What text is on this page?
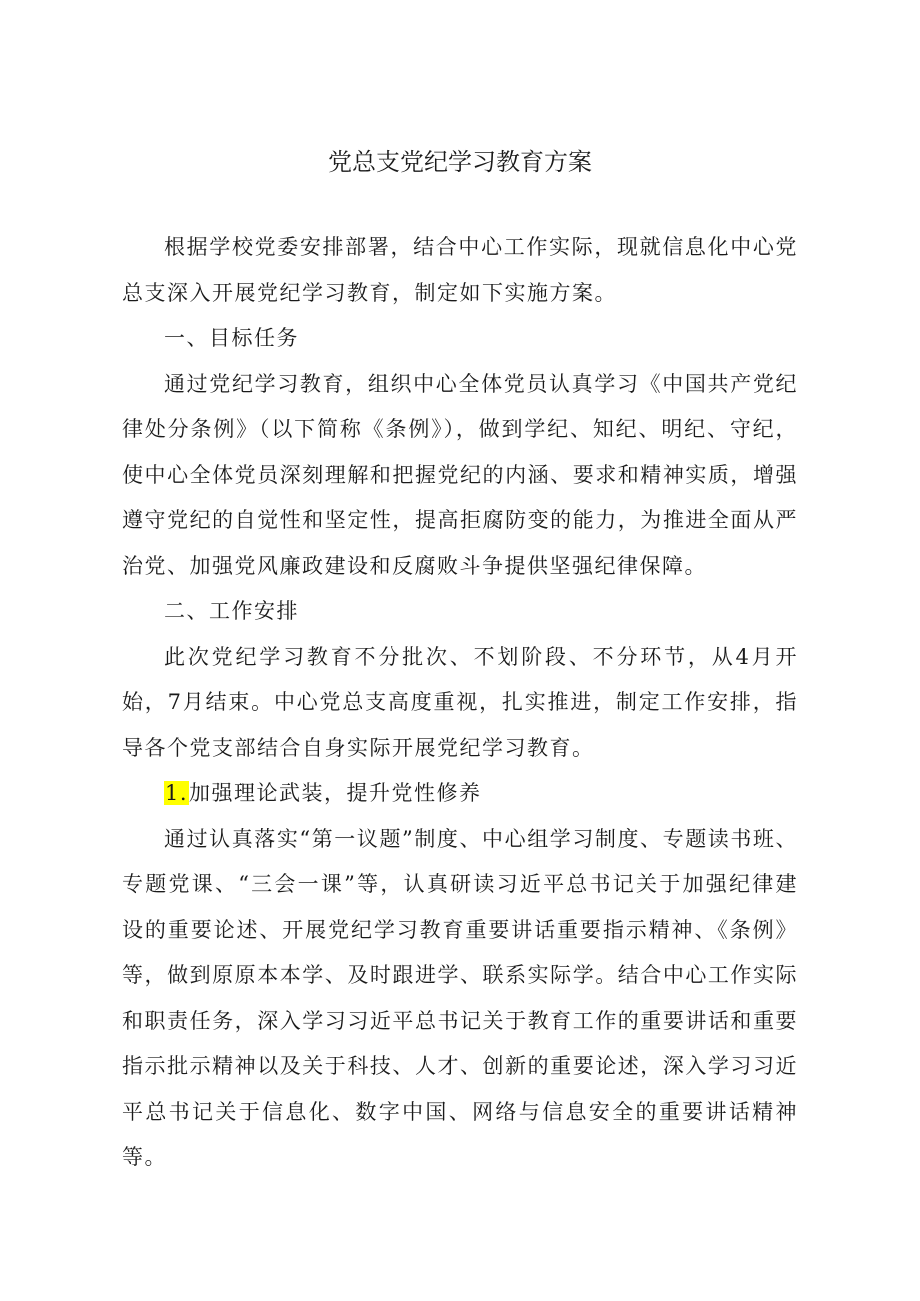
党总支党纪学习教育方案

根据学校党委安排部署，结合中心工作实际，现就信息化中心党总支深入开展党纪学习教育，制定如下实施方案。

一、目标任务

通过党纪学习教育，组织中心全体党员认真学习《中国共产党纪律处分条例》（以下简称《条例》），做到学纪、知纪、明纪、守纪，使中心全体党员深刻理解和把握党纪的内涵、要求和精神实质，增强遵守党纪的自觉性和坚定性，提高拒腐防变的能力，为推进全面从严治党、加强党风廉政建设和反腐败斗争提供坚强纪律保障。

二、工作安排

此次党纪学习教育不分批次、不划阶段、不分环节，从4月开始，7月结束。中心党总支高度重视，扎实推进，制定工作安排，指导各个党支部结合自身实际开展党纪学习教育。

1.加强理论武装，提升党性修养

通过认真落实“第一议题”制度、中心组学习制度、专题读书班、专题党课、“三会一课”等，认真研读习近平总书记关于加强纪律建设的重要论述、开展党纪学习教育重要讲话重要指示精神、《条例》等，做到原原本本学、及时跟进学、联系实际学。结合中心工作实际和职责任务，深入学习习近平总书记关于教育工作的重要讲话和重要指示批示精神以及关于科技、人才、创新的重要论述，深入学习习近平总书记关于信息化、数字中国、网络与信息安全的重要讲话精神等。
